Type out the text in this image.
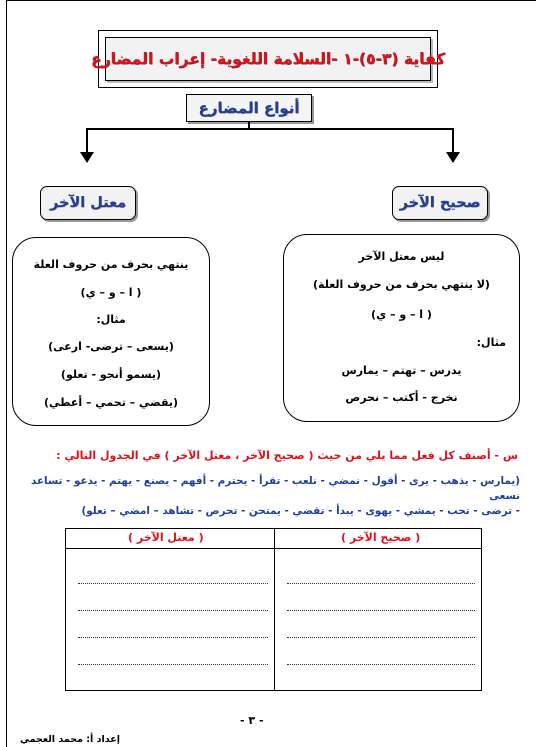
كفاية (٣-٥)-١ -السلامة اللغوية- إعراب المضارع
أنواع المضارع
معتل الآخر	صحيح الآخر
ينتهي بحرف من حروف العلة
( ا – و – ي)
مثال:
(يسعى – ترضى- ارعى)
(يسمو أنجو - تعلو)
(يقضي – تحمي – أعطي)
ليس معتل الآخر
(لا ينتهي بحرف من حروف العلة)
( ا – و – ي)
مثال:
يدرس – تهتم – يمارس
نخرج - أكتب – نحرص
س - أصنف كل فعل مما يلي من حيث ( صحيح الآخر ، معتل الآخر ) في الجدول التالي :
(يمارس - يذهب - يرى - أقول - نمضي - نلعب - تقرأ - يحترم - أفهم - يصنع - يهتم - يدعو - تساعد نسعى
- ترضى - تحب - يمشي - يهوى - يبدأ - تقضي - يمتحن - تحرص - تشاهد – امضي – تعلو)
( معتل الآخر )	( صحيح الآخر )
- ٣ -
إعداد أ: محمد العجمي
